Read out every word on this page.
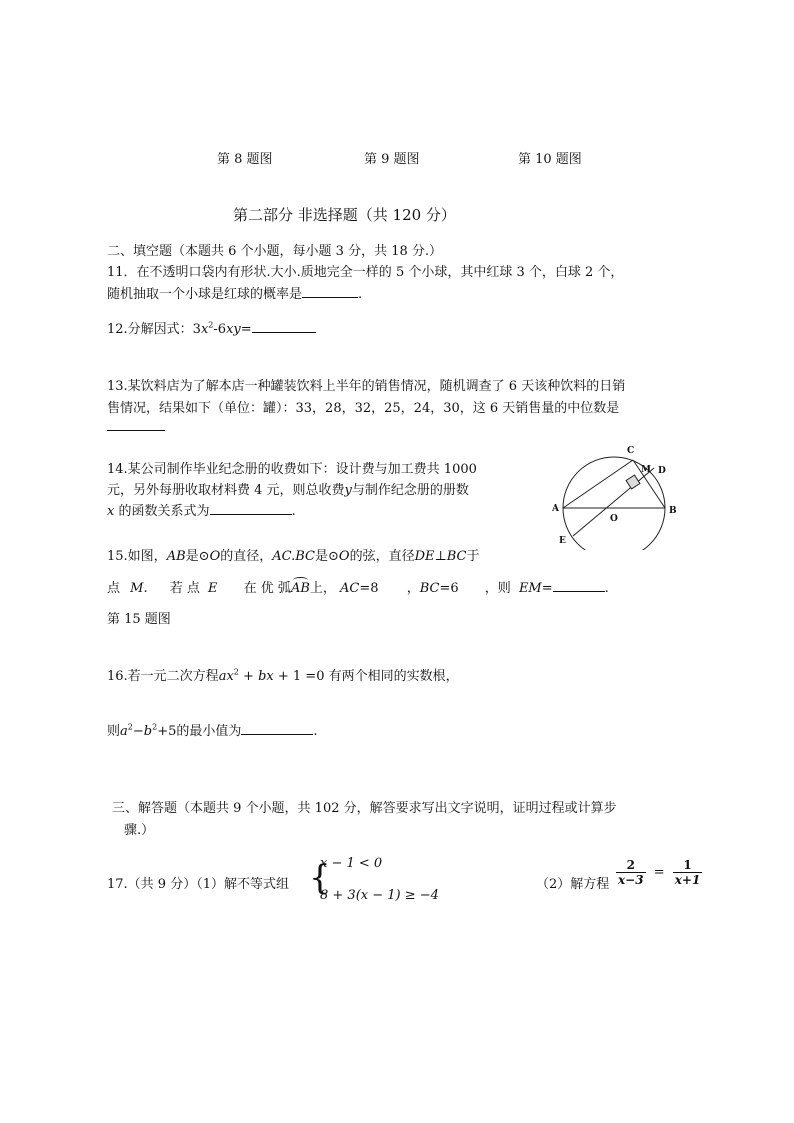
第 8 题图	第 9 题图	第 10 题图
第二部分 非选择题（共 120 分）
二、填空题（本题共 6 个小题，每小题 3 分，共 18 分.）
11．在不透明口袋内有形状.大小.质地完全一样的 5 个小球，其中红球 3 个，白球 2 个，
随机抽取一个小球是红球的概率是	.
12.分解因式：$3x^2-6xy=$
13.某饮料店为了解本店一种罐装饮料上半年的销售情况，随机调查了 6 天该种饮料的日销
售情况，结果如下（单位：罐）：33，28，32，25，24，30，这 6 天销售量的中位数是
14.某公司制作毕业纪念册的收费如下：设计费与加工费共 1000
元，另外每册收取材料费 4 元，则总收费y与制作纪念册的册数
x 的函数关系式为	.
15.如图，AB是⊙O的直径，AC.BC是⊙O的弦，直径DE⊥BC于
点 M. 若 点 E 在 优 弧AB上， AC=8 ，BC=6 ，则 EM=	.
第 15 题图
A	B
C
D
E
M
O
16.若一元二次方程$ax^2$ + bx + 1 =0 有两个相同的实数根，
则$a^2-b^2+5$的最小值为	.
三、解答题（本题共 9 个小题，共 102 分，解答要求写出文字说明，证明过程或计算步
骤.）
17.（共 9 分）（1）解不等式组 {
x − 1 < 0
8 + 3(x − 1) ≥ −4
（2）解方程 $\frac{2}{x-3} = \frac{1}{x+1}$
